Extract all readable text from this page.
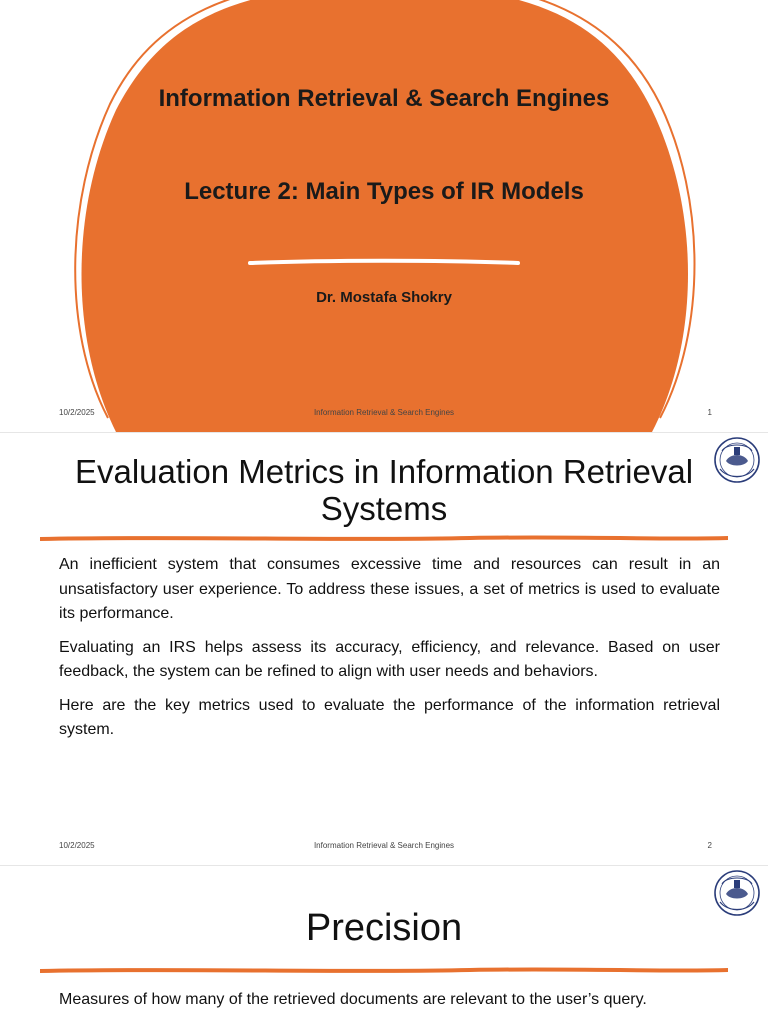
Information Retrieval & Search Engines
Lecture 2: Main Types of IR Models
Dr. Mostafa Shokry
10/2/2025	Information Retrieval & Search Engines	1
Evaluation Metrics in Information Retrieval Systems

An inefficient system that consumes excessive time and resources can result in an unsatisfactory user experience. To address these issues, a set of metrics is used to evaluate its performance.

Evaluating an IRS helps assess its accuracy, efficiency, and relevance. Based on user feedback, the system can be refined to align with user needs and behaviors.

Here are the key metrics used to evaluate the performance of the information retrieval system.

10/2/2025	Information Retrieval & Search Engines	2
Precision

Measures of how many of the retrieved documents are relevant to the user’s query.
